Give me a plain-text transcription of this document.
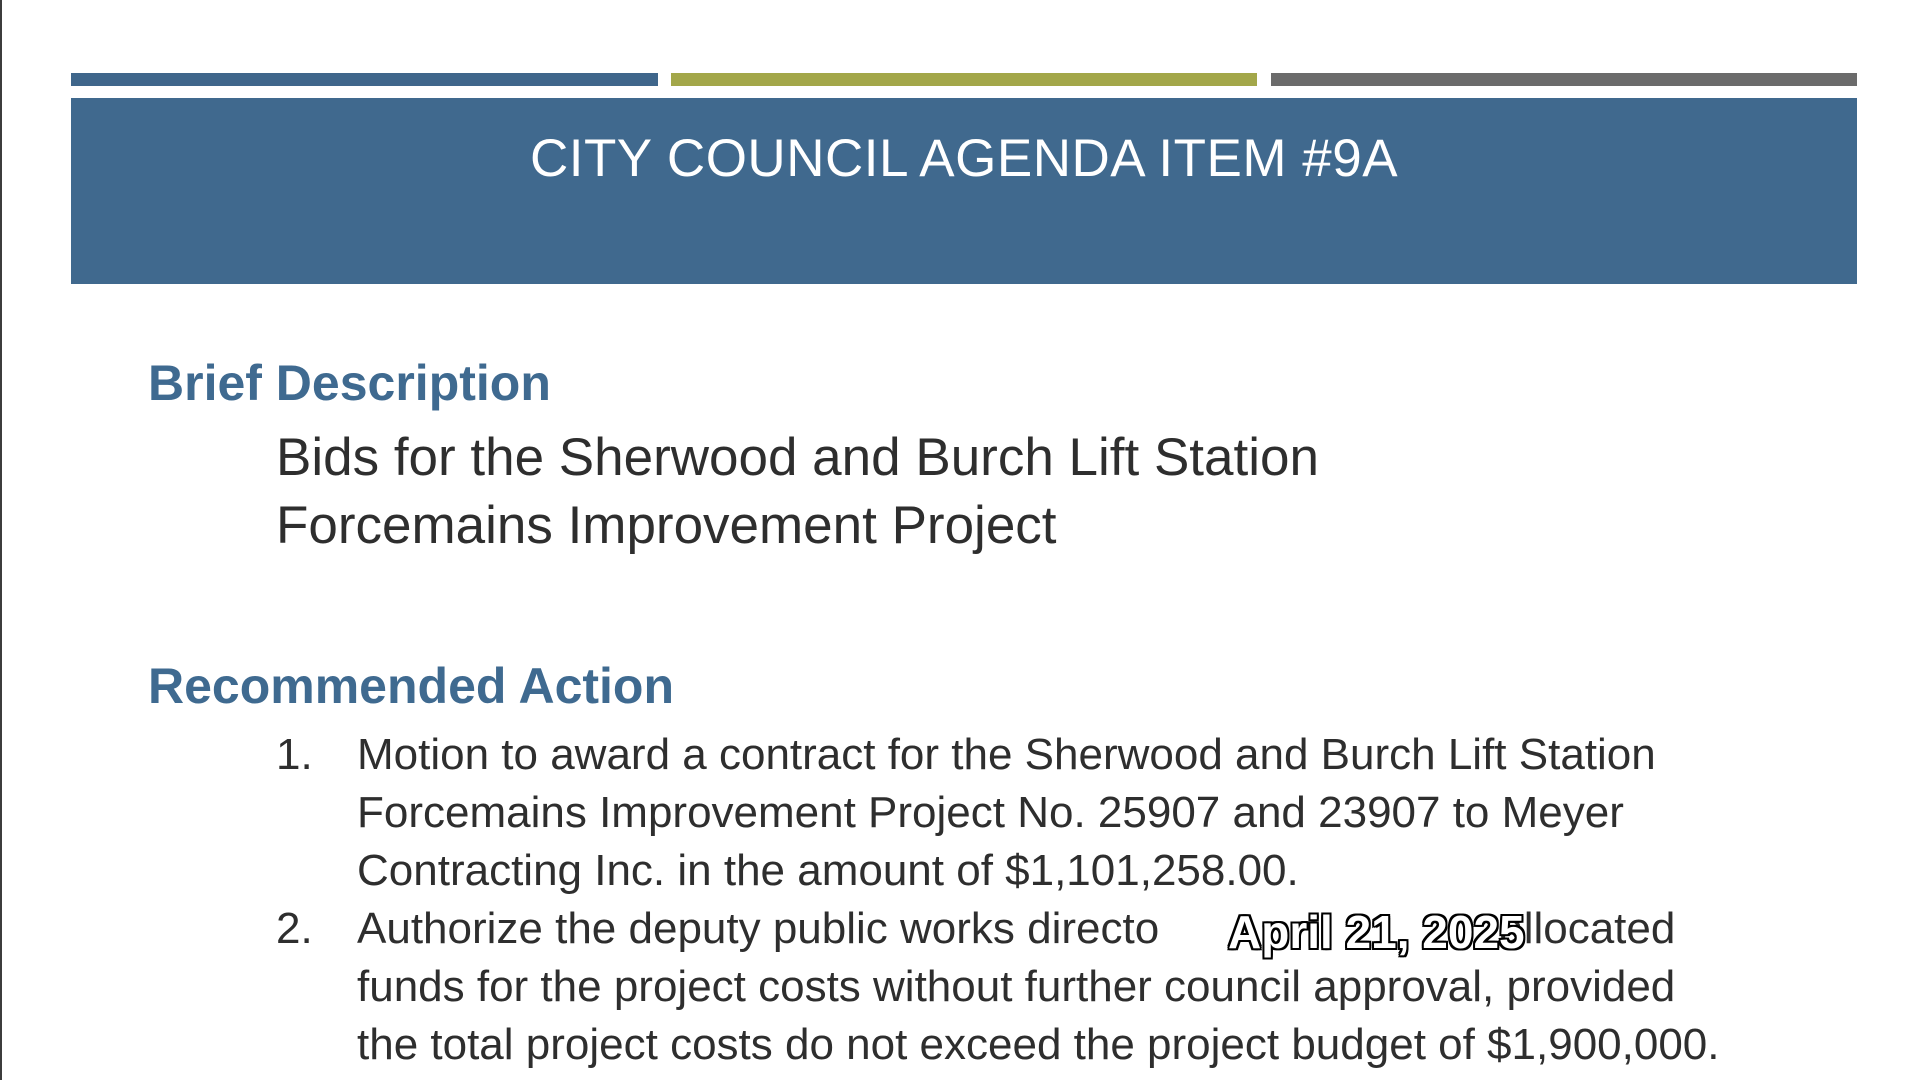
CITY COUNCIL AGENDA ITEM #9A
Brief Description
Bids for the Sherwood and Burch Lift Station
Forcemains Improvement Project
Recommended Action
1. Motion to award a contract for the Sherwood and Burch Lift Station
Forcemains Improvement Project No. 25907 and 23907 to Meyer
Contracting Inc. in the amount of $1,101,258.00.
2. Authorize the deputy public works directo	allocated
funds for the project costs without further council approval, provided
the total project costs do not exceed the project budget of $1,900,000.
April 21, 2025
